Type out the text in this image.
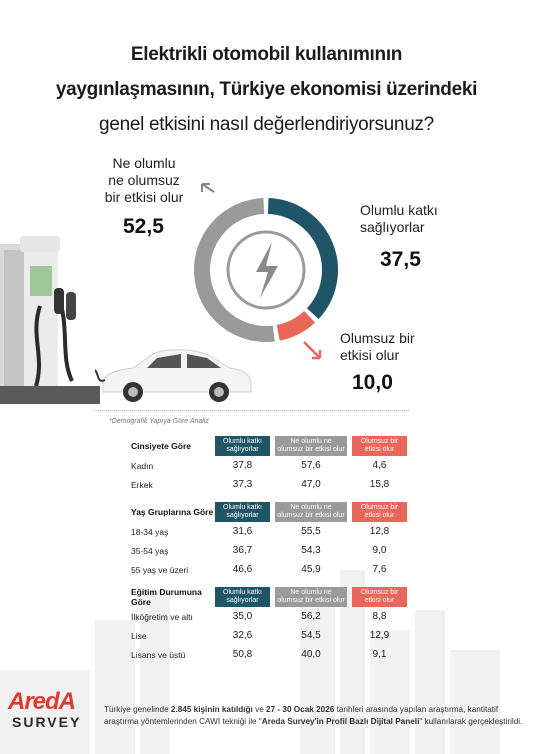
Elektrikli otomobil kullanımının
yaygınlaşmasının, Türkiye ekonomisi üzerindeki
genel etkisini nasıl değerlendiriyorsunuz?
Ne olumlu
ne olumsuz
bir etkisi olur
52,5
Olumlu katkı
sağlıyorlar
37,5
Olumsuz bir
etkisi olur
10,0
*Demografik Yapıya Göre Analiz
Cinsiyete Göre	Olumlu katkı sağlıyorlar		Ne olumlu ne olumsuz bir etkisi olur		Olumsuz bir etkisi olur

Kadın	37,8		57,6		4,6
Erkek	37,3		47,0		15,8

Yaş Gruplarına Göre	Olumlu katkı sağlıyorlar		Ne olumlu ne olumsuz bir etkisi olur		Olumsuz bir etkisi olur

18-34 yaş	31,6		55,5		12,8
35-54 yaş	36,7		54,3		9,0
55 yaş ve üzeri	46,6		45,9		7,6

Eğitim Durumuna Göre	Olumlu katkı sağlıyorlar		Ne olumlu ne olumsuz bir etkisi olur		Olumsuz bir etkisi olur

İlköğretim ve altı	35,0		56,2		8,8
Lise	32,6		54,5		12,9
Lisans ve üstü	50,8		40,0		9,1
AredA
SURVEY
Türkiye genelinde 2.845 kişinin katıldığı ve 27 - 30 Ocak 2026 tarihleri arasında yapılan araştırma, kantitatif araştırma yöntemlerinden CAWI tekniği ile "Areda Survey'in Profil Bazlı Dijital Paneli" kullanılarak gerçekleştirildi.
